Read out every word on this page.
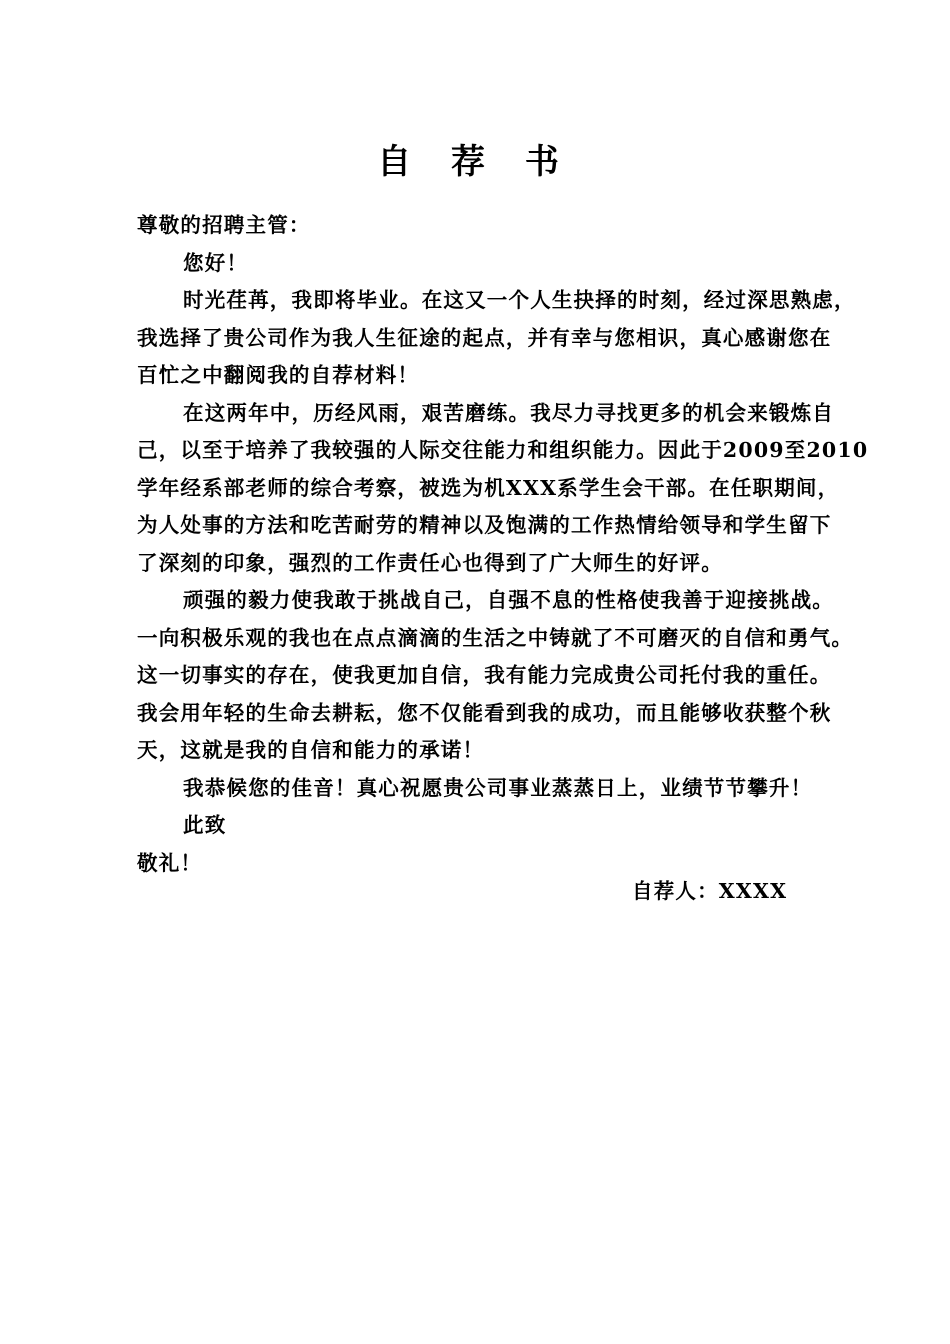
自 荐 书
尊敬的招聘主管：
您好！
时光荏苒，我即将毕业。在这又一个人生抉择的时刻，经过深思熟虑，
我选择了贵公司作为我人生征途的起点，并有幸与您相识，真心感谢您在
百忙之中翻阅我的自荐材料！
在这两年中，历经风雨，艰苦磨练。我尽力寻找更多的机会来锻炼自
己，以至于培养了我较强的人际交往能力和组织能力。因此于2009至2010
学年经系部老师的综合考察，被选为机XXX系学生会干部。在任职期间，
为人处事的方法和吃苦耐劳的精神以及饱满的工作热情给领导和学生留下
了深刻的印象，强烈的工作责任心也得到了广大师生的好评。
顽强的毅力使我敢于挑战自己，自强不息的性格使我善于迎接挑战。
一向积极乐观的我也在点点滴滴的生活之中铸就了不可磨灭的自信和勇气。
这一切事实的存在，使我更加自信，我有能力完成贵公司托付我的重任。
我会用年轻的生命去耕耘，您不仅能看到我的成功，而且能够收获整个秋
天，这就是我的自信和能力的承诺！
我恭候您的佳音！真心祝愿贵公司事业蒸蒸日上，业绩节节攀升！
此致
敬礼！
自荐人：XXXX
